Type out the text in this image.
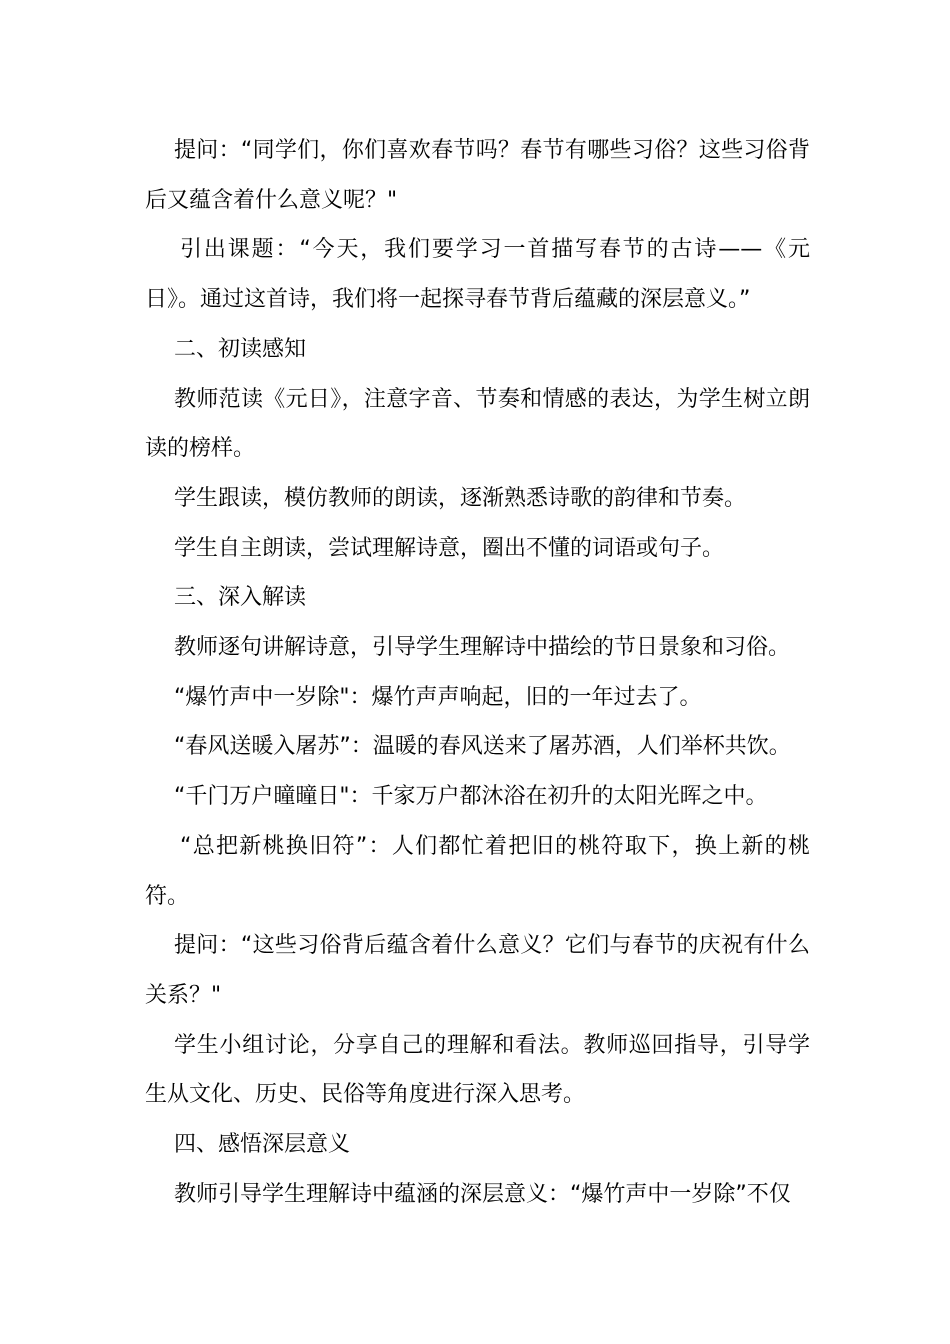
提问：“同学们，你们喜欢春节吗？春节有哪些习俗？这些习俗背后又蕴含着什么意义呢？"

引出课题：“今天，我们要学习一首描写春节的古诗——《元日》。通过这首诗，我们将一起探寻春节背后蕴藏的深层意义。”

二、初读感知

教师范读《元日》，注意字音、节奏和情感的表达，为学生树立朗读的榜样。

学生跟读，模仿教师的朗读，逐渐熟悉诗歌的韵律和节奏。

学生自主朗读，尝试理解诗意，圈出不懂的词语或句子。

三、深入解读

教师逐句讲解诗意，引导学生理解诗中描绘的节日景象和习俗。

“爆竹声中一岁除"：爆竹声声响起，旧的一年过去了。

“春风送暖入屠苏”：温暖的春风送来了屠苏酒，人们举杯共饮。

“千门万户曈曈日"：千家万户都沐浴在初升的太阳光晖之中。

“总把新桃换旧符”：人们都忙着把旧的桃符取下，换上新的桃符。

提问：“这些习俗背后蕴含着什么意义？它们与春节的庆祝有什么关系？"

学生小组讨论，分享自己的理解和看法。教师巡回指导，引导学生从文化、历史、民俗等角度进行深入思考。

四、感悟深层意义

教师引导学生理解诗中蕴涵的深层意义：“爆竹声中一岁除”不仅
